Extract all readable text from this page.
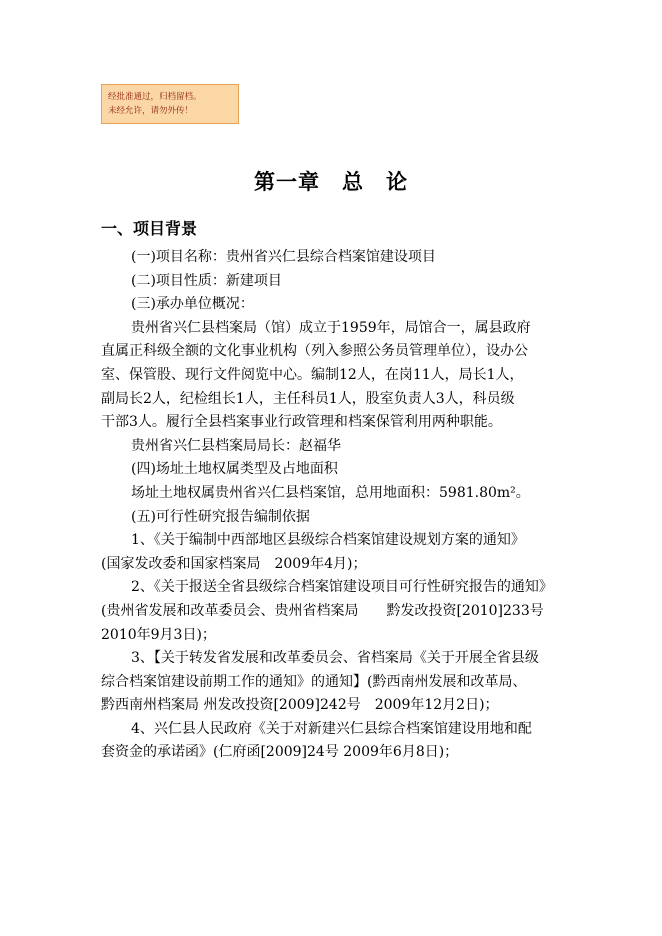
经批准通过，归档留档。
未经允许，请勿外传！
第一章　总　论
一、项目背景
(一)项目名称：贵州省兴仁县综合档案馆建设项目
(二)项目性质：新建项目
(三)承办单位概况：
贵州省兴仁县档案局（馆）成立于1959年，局馆合一，属县政府
直属正科级全额的文化事业机构（列入参照公务员管理单位），设办公
室、保管股、现行文件阅览中心。编制12人，在岗11人，局长1人，
副局长2人，纪检组长1人，主任科员1人，股室负责人3人，科员级
干部3人。履行全县档案事业行政管理和档案保管利用两种职能。
贵州省兴仁县档案局局长：赵福华
(四)场址土地权属类型及占地面积
场址土地权属贵州省兴仁县档案馆，总用地面积：5981.80m²。
(五)可行性研究报告编制依据
1、《关于编制中西部地区县级综合档案馆建设规划方案的通知》
(国家发改委和国家档案局　2009年4月)；
2、《关于报送全省县级综合档案馆建设项目可行性研究报告的通知》
(贵州省发展和改革委员会、贵州省档案局　　黔发改投资[2010]233号
2010年9月3日)；
3、【关于转发省发展和改革委员会、省档案局《关于开展全省县级
综合档案馆建设前期工作的通知》的通知】(黔西南州发展和改革局、
黔西南州档案局 州发改投资[2009]242号　2009年12月2日)；
4、兴仁县人民政府《关于对新建兴仁县综合档案馆建设用地和配
套资金的承诺函》(仁府函[2009]24号 2009年6月8日)；
